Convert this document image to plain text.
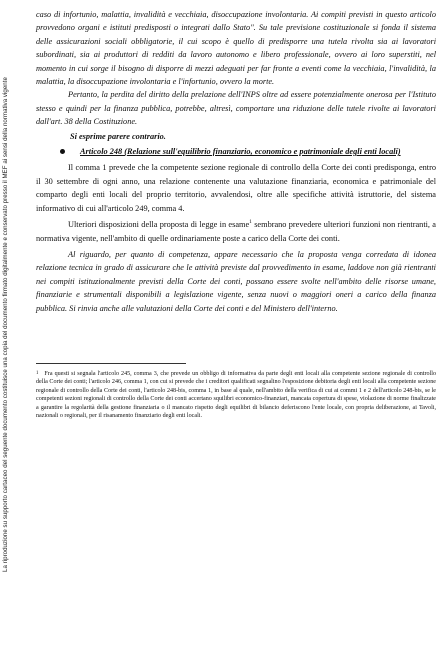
La riproduzione su supporto cartaceo del seguente documento costituisce una copia del documento firmato digitalmente e conservato presso il MEF ai sensi della normativa vigente

caso di infortunio, malattia, invalidità e vecchiaia, disoccupazione involontaria. Ai compiti previsti in questo articolo provvedono organi e istituti predisposti o integrati dallo Stato". Su tale previsione costituzionale si fonda il sistema delle assicurazioni sociali obbligatorie, il cui scopo è quello di predisporre una tutela rivolta sia ai lavoratori subordinati, sia ai produttori di redditi da lavoro autonomo e libero professionale, ovvero ai loro superstiti, nel momento in cui sorge il bisogno di disporre di mezzi adeguati per far fronte a eventi come la vecchiaia, l'invalidità, la malattia, la disoccupazione involontaria e l'infortunio, ovvero la morte.

Pertanto, la perdita del diritto della prelazione dell'INPS oltre ad essere potenzialmente onerosa per l'Istituto stesso e quindi per la finanza pubblica, potrebbe, altresì, comportare una riduzione delle tutele rivolte ai lavoratori dall'art. 38 della Costituzione.

Si esprime parere contrario.

Articolo 248 (Relazione sull'equilibrio finanziario, economico e patrimoniale degli enti locali)

Il comma 1 prevede che la competente sezione regionale di controllo della Corte dei conti predisponga, entro il 30 settembre di ogni anno, una relazione contenente una valutazione finanziaria, economica e patrimoniale del comparto degli enti locali del proprio territorio, avvalendosi, oltre alle specifiche attività istruttorie, del sistema informativo di cui all'articolo 249, comma 4.

Ulteriori disposizioni della proposta di legge in esame$^1$ sembrano prevedere ulteriori funzioni non rientranti, a normativa vigente, nell'ambito di quelle ordinariamente poste a carico della Corte dei conti.

Al riguardo, per quanto di competenza, appare necessario che la proposta venga corredata di idonea relazione tecnica in grado di assicurare che le attività previste dal provvedimento in esame, laddove non già rientranti nei compiti istituzionalmente previsti della Corte dei conti, possano essere svolte nell'ambito delle risorse umane, finanziarie e strumentali disponibili a legislazione vigente, senza nuovi o maggiori oneri a carico della finanza pubblica. Si rinvia anche alle valutazioni della Corte dei conti e del Ministero dell'interno.

$^1$ Fra questi si segnala l'articolo 245, comma 3, che prevede un obbligo di informativa da parte degli enti locali alla competente sezione regionale di controllo della Corte dei conti; l'articolo 246, comma 1, con cui si prevede che i creditori qualificati segnalino l'esposizione debitoria degli enti locali alla competente sezione regionale di controllo della Corte dei conti, l'articolo 248-bis, comma 1, in base al quale, nell'ambito della verifica di cui ai commi 1 e 2 dell'articolo 248-bis, se le competenti sezioni regionali di controllo della Corte dei conti accertano squilibri economico-finanziari, mancata copertura di spese, violazione di norme finalizzate a garantire la regolarità della gestione finanziaria o il mancato rispetto degli equilibri di bilancio deferiscono l'ente locale, con propria deliberazione, ai Tavoli, nazionali o regionali, per il risanamento finanziario degli enti locali.
